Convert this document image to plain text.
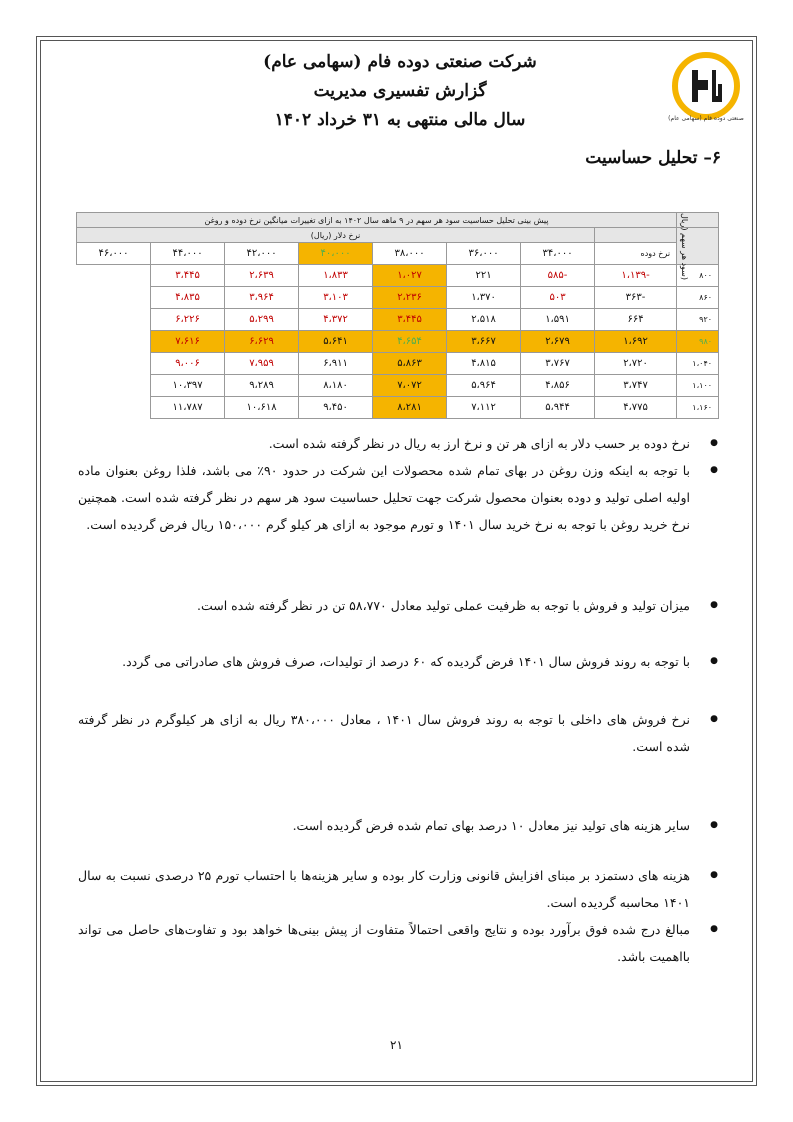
شرکت صنعتی دوده فام (سهامی عام)
گزارش تفسیری مدیریت
سال مالی منتهی به ۳۱ خرداد ۱۴۰۲	صنعتی دوده فام (سهامی عام)
۶– تحلیل حساسیت
	پیش بینی تحلیل حساسیت سود هر سهم در ۹ ماهه سال ۱۴۰۲ به ازای تغییرات میانگین نرخ دوده و روغن							
(سود هر سهم (ریال		نرخ دلار (ریال)						
	نرخ دوده	۳۴،۰۰۰	۳۶،۰۰۰	۳۸،۰۰۰	۴۰،۰۰۰	۴۲،۰۰۰	۴۴،۰۰۰	۴۶،۰۰۰
۸۰۰	-۱،۱۳۹	-۵۸۵	۲۲۱	۱،۰۲۷	۱،۸۳۳	۲،۶۳۹	۳،۴۴۵	
۸۶۰	-۳۶۳	۵۰۳	۱،۳۷۰	۲،۲۳۶	۳،۱۰۳	۳،۹۶۴	۴،۸۳۵	
۹۲۰	۶۶۴	۱،۵۹۱	۲،۵۱۸	۳،۴۴۵	۴،۳۷۲	۵،۲۹۹	۶،۲۲۶	
۹۸۰	۱،۶۹۲	۲،۶۷۹	۳،۶۶۷	۴،۶۵۴	۵،۶۴۱	۶،۶۲۹	۷،۶۱۶	
۱،۰۴۰	۲،۷۲۰	۳،۷۶۷	۴،۸۱۵	۵،۸۶۳	۶،۹۱۱	۷،۹۵۹	۹،۰۰۶	
۱،۱۰۰	۳،۷۴۷	۴،۸۵۶	۵،۹۶۴	۷،۰۷۲	۸،۱۸۰	۹،۲۸۹	۱۰،۳۹۷	
۱،۱۶۰	۴،۷۷۵	۵،۹۴۴	۷،۱۱۲	۸،۲۸۱	۹،۴۵۰	۱۰،۶۱۸	۱۱،۷۸۷	
● نرخ دوده بر حسب دلار به ازای هر تن و نرخ ارز به ریال در نظر گرفته شده است.
● با توجه به اینکه وزن روغن در بهای تمام شده محصولات این شرکت در حدود ۹۰٪ می باشد، فلذا روغن بعنوان ماده اولیه اصلی تولید و دوده بعنوان محصول شرکت جهت تحلیل حساسیت سود هر سهم در نظر گرفته شده است. همچنین نرخ خرید روغن با توجه به نرخ خرید سال ۱۴۰۱ و تورم موجود به ازای هر کیلو گرم ۱۵۰،۰۰۰ ریال فرض گردیده است.
● میزان تولید و فروش با توجه به ظرفیت عملی تولید معادل ۵۸،۷۷۰ تن در نظر گرفته شده است.
● با توجه به روند فروش سال ۱۴۰۱ فرض گردیده که ۶۰ درصد از تولیدات، صرف فروش های صادراتی می گردد.
● نرخ فروش های داخلی با توجه به روند فروش سال ۱۴۰۱ ، معادل ۳۸۰،۰۰۰ ریال به ازای هر کیلوگرم در نظر گرفته شده است.
● سایر هزینه های تولید نیز معادل ۱۰ درصد بهای تمام شده فرض گردیده است.
● هزینه های دستمزد بر مبنای افزایش قانونی وزارت کار بوده و سایر هزینه‌ها با احتساب تورم ۲۵ درصدی نسبت به سال ۱۴۰۱ محاسبه گردیده است.
● مبالغ درج شده فوق برآورد بوده و نتایج واقعی احتمالاً متفاوت از پیش بینی‌ها خواهد بود و تفاوت‌های حاصل می تواند بااهمیت باشد.
۲۱
